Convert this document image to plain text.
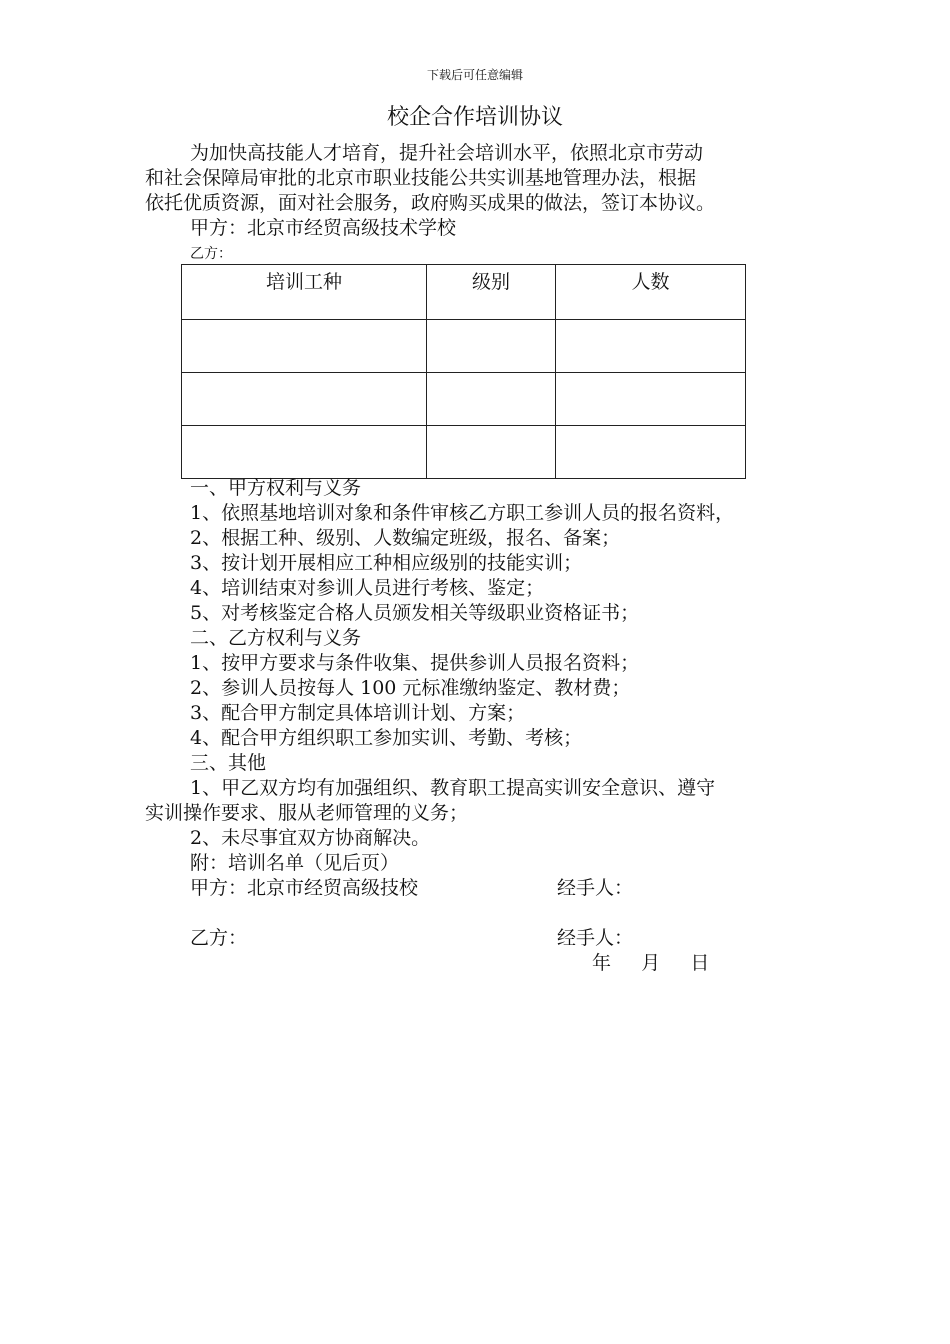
下载后可任意编辑
校企合作培训协议
为加快高技能人才培育，提升社会培训水平，依照北京市劳动
和社会保障局审批的北京市职业技能公共实训基地管理办法，根据
依托优质资源，面对社会服务，政府购买成果的做法，签订本协议。
甲方：北京市经贸高级技术学校
乙方：
培训工种	级别	人数

一、甲方权利与义务
1、依照基地培训对象和条件审核乙方职工参训人员的报名资料，
2、根据工种、级别、人数编定班级，报名、备案；
3、按计划开展相应工种相应级别的技能实训；
4、培训结束对参训人员进行考核、鉴定；
5、对考核鉴定合格人员颁发相关等级职业资格证书；
二、乙方权利与义务
1、按甲方要求与条件收集、提供参训人员报名资料；
2、参训人员按每人 100 元标准缴纳鉴定、教材费；
3、配合甲方制定具体培训计划、方案；
4、配合甲方组织职工参加实训、考勤、考核；
三、其他
1、甲乙双方均有加强组织、教育职工提高实训安全意识、遵守
实训操作要求、服从老师管理的义务；
2、未尽事宜双方协商解决。
附：培训名单（见后页）
甲方：北京市经贸高级技校	经手人：
乙方：	经手人：
年     月     日
